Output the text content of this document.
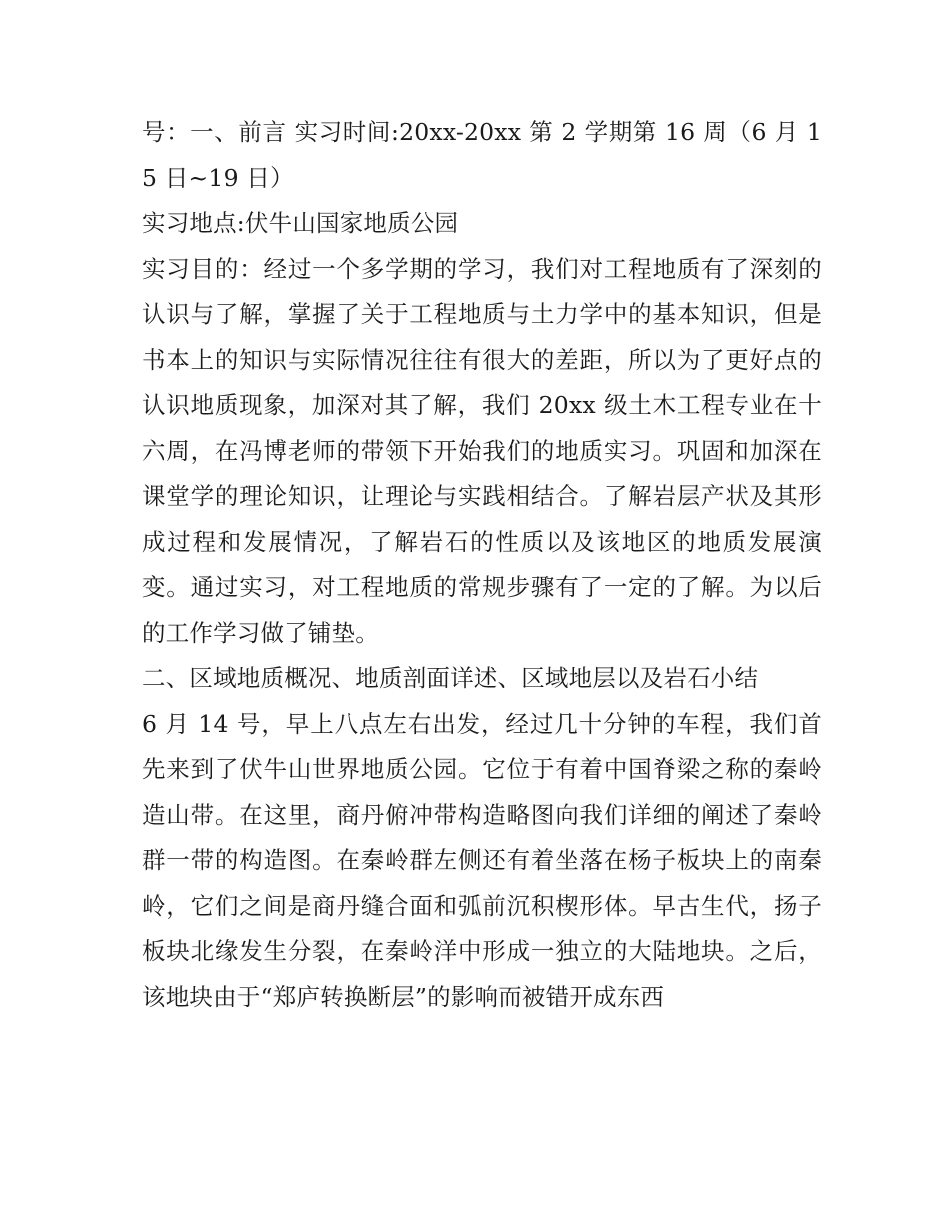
号：一、前言 实习时间:20xx-20xx 第 2 学期第 16 周（6 月 15 日~19 日）

实习地点:伏牛山国家地质公园

实习目的：经过一个多学期的学习，我们对工程地质有了深刻的认识与了解，掌握了关于工程地质与土力学中的基本知识，但是书本上的知识与实际情况往往有很大的差距，所以为了更好点的认识地质现象，加深对其了解，我们 20xx 级土木工程专业在十六周，在冯博老师的带领下开始我们的地质实习。巩固和加深在课堂学的理论知识，让理论与实践相结合。了解岩层产状及其形成过程和发展情况，了解岩石的性质以及该地区的地质发展演变。通过实习，对工程地质的常规步骤有了一定的了解。为以后的工作学习做了铺垫。

二、区域地质概况、地质剖面详述、区域地层以及岩石小结

6 月 14 号，早上八点左右出发，经过几十分钟的车程，我们首先来到了伏牛山世界地质公园。它位于有着中国脊梁之称的秦岭造山带。在这里，商丹俯冲带构造略图向我们详细的阐述了秦岭群一带的构造图。在秦岭群左侧还有着坐落在杨子板块上的南秦岭，它们之间是商丹缝合面和弧前沉积楔形体。早古生代，扬子板块北缘发生分裂，在秦岭洋中形成一独立的大陆地块。之后，该地块由于“郑庐转换断层”的影响而被错开成东西
